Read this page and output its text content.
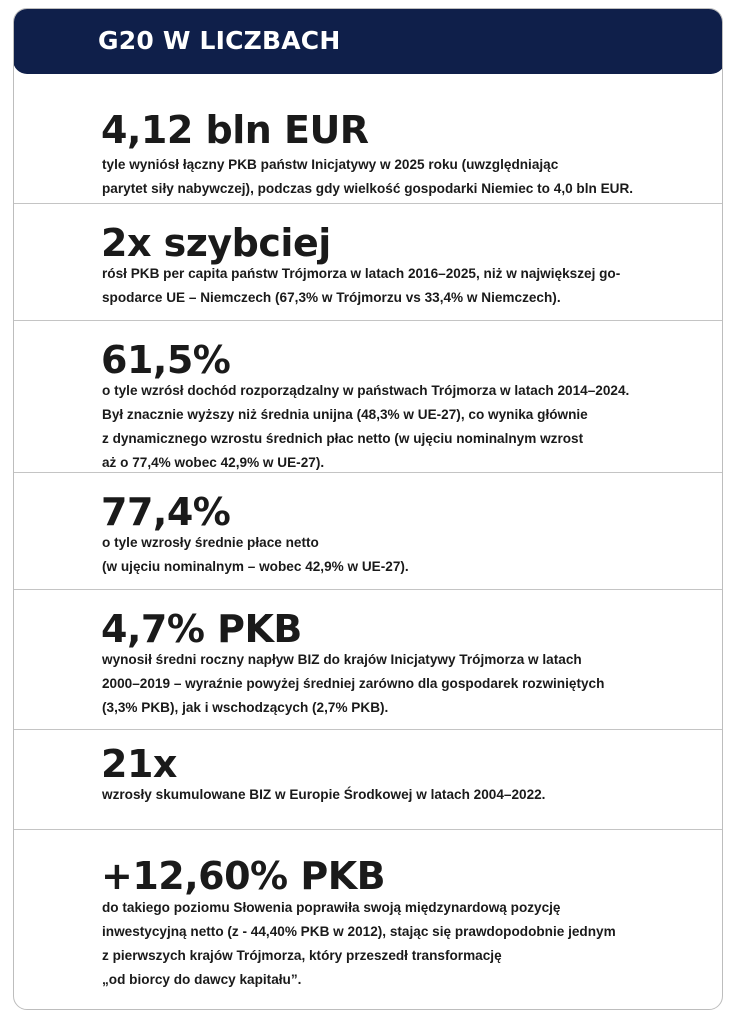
G20 W LICZBACH

4,12 bln EUR

tyle wyniósł łączny PKB państw Inicjatywy w 2025 roku (uwzględniając
parytet siły nabywczej), podczas gdy wielkość gospodarki Niemiec to 4,0 bln EUR.

2x szybciej

rósł PKB per capita państw Trójmorza w latach 2016–2025, niż w największej go-
spodarce UE – Niemczech (67,3% w Trójmorzu vs 33,4% w Niemczech).

61,5%

o tyle wzrósł dochód rozporządzalny w państwach Trójmorza w latach 2014–2024.
Był znacznie wyższy niż średnia unijna (48,3% w UE-27), co wynika głównie
z dynamicznego wzrostu średnich płac netto (w ujęciu nominalnym wzrost
aż o 77,4% wobec 42,9% w UE-27).

77,4%

o tyle wzrosły średnie płace netto
(w ujęciu nominalnym – wobec 42,9% w UE-27).

4,7% PKB

wynosił średni roczny napływ BIZ do krajów Inicjatywy Trójmorza w latach
2000–2019 – wyraźnie powyżej średniej zarówno dla gospodarek rozwiniętych
(3,3% PKB), jak i wschodzących (2,7% PKB).

21x

wzrosły skumulowane BIZ w Europie Środkowej w latach 2004–2022.

+12,60% PKB

do takiego poziomu Słowenia poprawiła swoją międzynardową pozycję
inwestycyjną netto (z - 44,40% PKB w 2012), stając się prawdopodobnie jednym
z pierwszych krajów Trójmorza, który przeszedł transformację
„od biorcy do dawcy kapitału”.
